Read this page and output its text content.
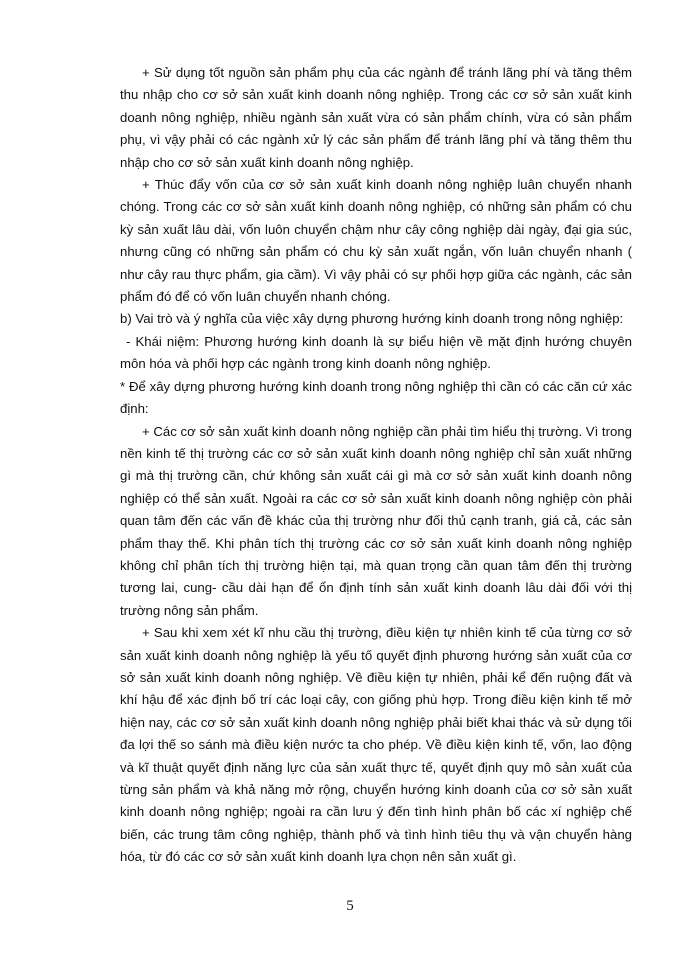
+ Sử dụng tốt nguồn sản phẩm phụ của các ngành để tránh lãng phí và tăng thêm thu nhập cho cơ sở sản xuất kinh doanh nông nghiệp. Trong các cơ sở sản xuất kinh doanh nông nghiệp, nhiều ngành sản xuất vừa có sản phẩm chính, vừa có sản phẩm phụ, vì vậy phải có các ngành xử lý các sản phẩm để tránh lãng phí và tăng thêm thu nhập cho cơ sở sản xuất kinh doanh nông nghiệp.

+ Thúc đẩy vốn của cơ sở sản xuất kinh doanh nông nghiệp luân chuyển nhanh chóng. Trong các cơ sở sản xuất kinh doanh nông nghiệp, có những sản phẩm có chu kỳ sản xuất lâu dài, vốn luôn chuyển chậm như cây công nghiệp dài ngày, đại gia súc, nhưng cũng có những sản phẩm có chu kỳ sản xuất ngắn, vốn luân chuyển nhanh ( như cây rau thực phẩm, gia cầm). Vì vậy phải có sự phối hợp giữa các ngành, các sản phẩm đó để có vốn luân chuyển nhanh chóng.

b) Vai trò và ý nghĩa của việc xây dựng phương hướng kinh doanh trong nông nghiệp:

- Khái niệm: Phương hướng kinh doanh là sự biểu hiện về mặt định hướng chuyên môn hóa và phối hợp các ngành trong kinh doanh nông nghiệp.

* Để xây dựng phương hướng kinh doanh trong nông nghiệp thì cần có các căn cứ xác định:

+ Các cơ sở sản xuất kinh doanh nông nghiệp cần phải tìm hiểu thị trường. Vì trong nền kinh tế thị trường các cơ sở sản xuất kinh doanh nông nghiệp chỉ sản xuất những gì mà thị trường cần, chứ không sản xuất cái gì mà cơ sở sản xuất kinh doanh nông nghiệp có thể sản xuất. Ngoài ra các cơ sở sản xuất kinh doanh nông nghiệp còn phải quan tâm đến các vấn đề khác của thị trường như đối thủ cạnh tranh, giá cả, các sản phẩm thay thế. Khi phân tích thị trường các cơ sở sản xuất kinh doanh nông nghiệp không chỉ phân tích thị trường hiện tại, mà quan trọng cần quan tâm đến thị trường tương lai, cung- cầu dài hạn để ổn định tính sản xuất kinh doanh lâu dài đối với thị trường nông sản phẩm.

+ Sau khi xem xét kĩ nhu cầu thị trường, điều kiện tự nhiên kinh tế của từng cơ sở sản xuất kinh doanh nông nghiệp là yếu tố quyết định phương hướng sản xuất của cơ sở sản xuất kinh doanh nông nghiệp. Về điều kiện tự nhiên, phải kể đến ruộng đất và khí hậu để xác định bố trí các loại cây, con giống phù hợp. Trong điều kiện kinh tế mở hiện nay, các cơ sở sản xuất kinh doanh nông nghiệp phải biết khai thác và sử dụng tối đa lợi thế so sánh mà điều kiện nước ta cho phép. Về điều kiện kinh tế, vốn, lao động và kĩ thuật quyết định năng lực của sản xuất thực tế, quyết định quy mô sản xuất của từng sản phẩm và khả năng mở rộng, chuyển hướng kinh doanh của cơ sở sản xuất kinh doanh nông nghiệp; ngoài ra cần lưu ý đến tình hình phân bố các xí nghiệp chế biến, các trung tâm công nghiệp, thành phố và tình hình tiêu thụ và vận chuyển hàng hóa, từ đó các cơ sở sản xuất kinh doanh lựa chọn nên sản xuất gì.

5
